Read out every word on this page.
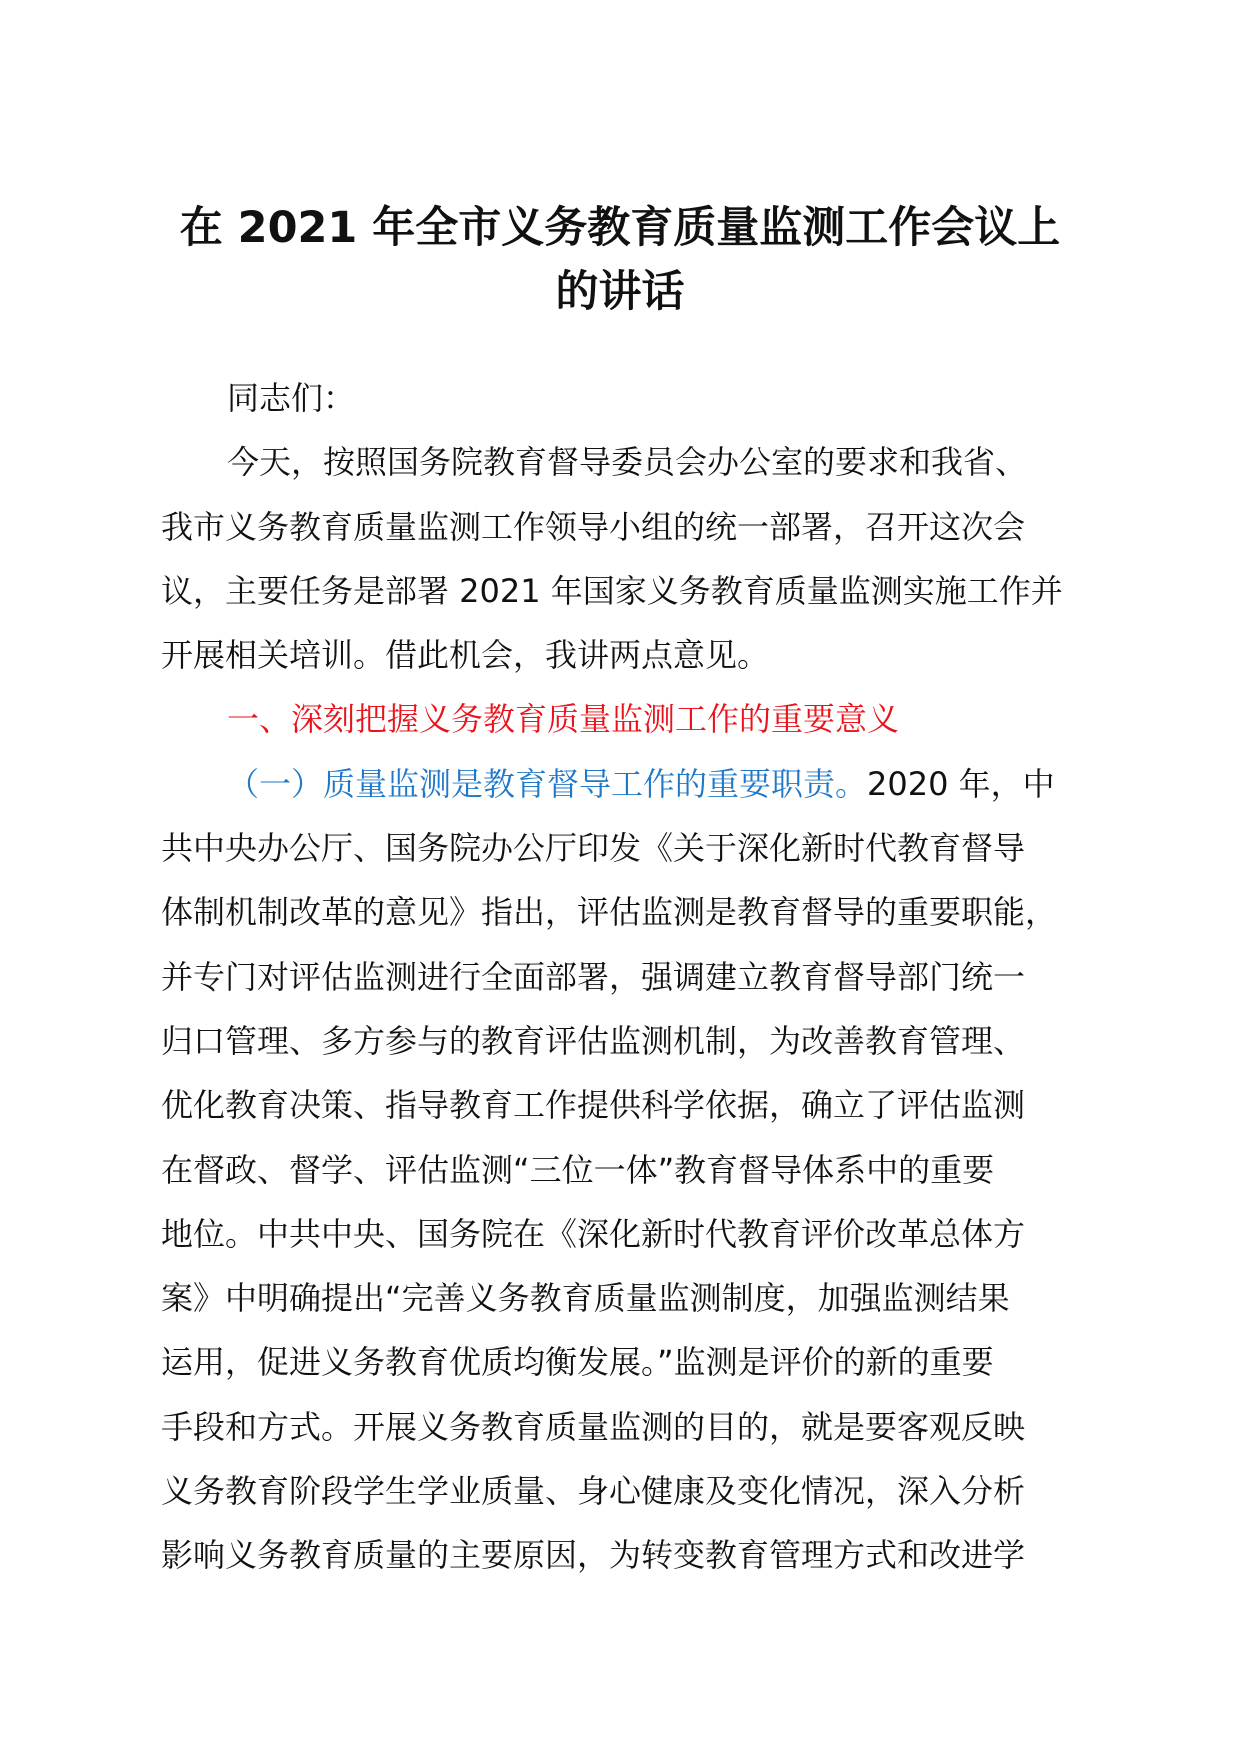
在 2021 年全市义务教育质量监测工作会议上
的讲话
同志们：
今天，按照国务院教育督导委员会办公室的要求和我省、
我市义务教育质量监测工作领导小组的统一部署，召开这次会
议，主要任务是部署 2021 年国家义务教育质量监测实施工作并
开展相关培训。借此机会，我讲两点意见。
一、深刻把握义务教育质量监测工作的重要意义
（一）质量监测是教育督导工作的重要职责。2020 年，中
共中央办公厅、国务院办公厅印发《关于深化新时代教育督导
体制机制改革的意见》指出，评估监测是教育督导的重要职能，
并专门对评估监测进行全面部署，强调建立教育督导部门统一
归口管理、多方参与的教育评估监测机制，为改善教育管理、
优化教育决策、指导教育工作提供科学依据，确立了评估监测
在督政、督学、评估监测“三位一体”教育督导体系中的重要
地位。中共中央、国务院在《深化新时代教育评价改革总体方
案》中明确提出“完善义务教育质量监测制度，加强监测结果
运用，促进义务教育优质均衡发展。”监测是评价的新的重要
手段和方式。开展义务教育质量监测的目的，就是要客观反映
义务教育阶段学生学业质量、身心健康及变化情况，深入分析
影响义务教育质量的主要原因，为转变教育管理方式和改进学
